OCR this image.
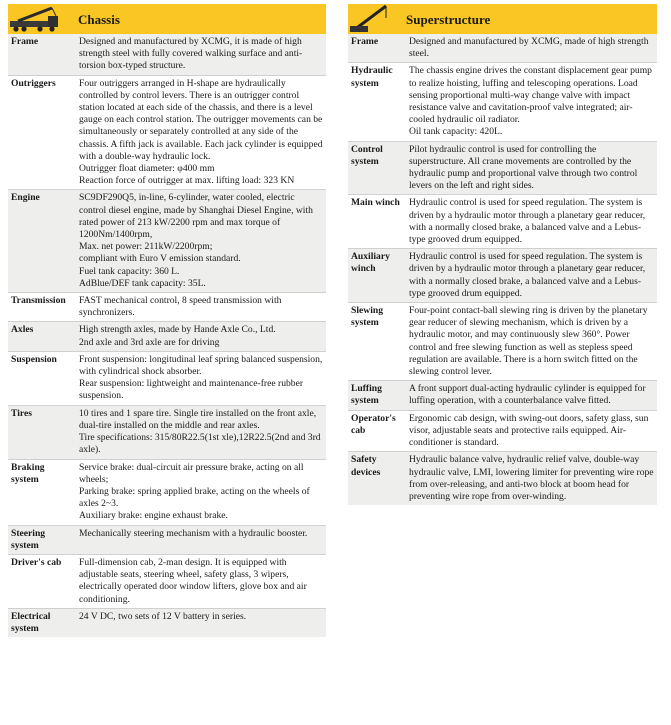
Chassis
Frame	Designed and manufactured by XCMG, it is made of high strength steel with fully covered walking surface and anti-torsion box-typed structure.

Outriggers	Four outriggers arranged in H-shape are hydraulically controlled by control levers. There is an outrigger control station located at each side of the chassis, and there is a level gauge on each control station. The outrigger movements can be simultaneously or separately controlled at any side of the chassis. A fifth jack is available. Each jack cylinder is equipped with a double-way hydraulic lock.
Outrigger float diameter: φ400 mm
Reaction force of outrigger at max. lifting load: 323 KN

Engine	SC9DF290Q5, in-line, 6-cylinder, water cooled, electric control diesel engine, made by Shanghai Diesel Engine, with rated power of 213 kW/2200 rpm and max torque of 1200Nm/1400rpm,
Max. net power: 211kW/2200rpm;
compliant with Euro V emission standard.
Fuel tank capacity: 360 L.
AdBlue/DEF tank capacity: 35L.

Transmission	FAST mechanical control, 8 speed transmission with synchronizers.

Axles	High strength axles, made by Hande Axle Co., Ltd.
2nd axle and 3rd axle are for driving

Suspension	Front suspension: longitudinal leaf spring balanced suspension, with cylindrical shock absorber.
Rear suspension: lightweight and maintenance-free rubber suspension.

Tires	10 tires and 1 spare tire. Single tire installed on the front axle, dual-tire installed on the middle and rear axles.
Tire specifications: 315/80R22.5(1st xle),12R22.5(2nd and 3rd axle).

Braking system	Service brake: dual-circuit air pressure brake, acting on all wheels;
Parking brake: spring applied brake, acting on the wheels of axles 2~3.
Auxiliary brake: engine exhaust brake.

Steering system	Mechanically steering mechanism with a hydraulic booster.

Driver's cab	Full-dimension cab, 2-man design. It is equipped with adjustable seats, steering wheel, safety glass, 3 wipers, electrically operated door window lifters, glove box and air conditioning.

Electrical system	24 V DC, two sets of 12 V battery in series.
Superstructure
Frame	Designed and manufactured by XCMG, made of high strength steel.

Hydraulic system	The chassis engine drives the constant displacement gear pump to realize hoisting, luffing and telescoping operations. Load sensing proportional multi-way change valve with impact resistance valve and cavitation-proof valve integrated; air-cooled hydraulic oil radiator.
Oil tank capacity: 420L.

Control system	Pilot hydraulic control is used for controlling the superstructure. All crane movements are controlled by the hydraulic pump and proportional valve through two control levers on the left and right sides.

Main winch	Hydraulic control is used for speed regulation. The system is driven by a hydraulic motor through a planetary gear reducer, with a normally closed brake, a balanced valve and a Lebus-type grooved drum equipped.

Auxiliary winch	Hydraulic control is used for speed regulation. The system is driven by a hydraulic motor through a planetary gear reducer, with a normally closed brake, a balanced valve and a Lebus-type grooved drum equipped.

Slewing system	Four-point contact-ball slewing ring is driven by the planetary gear reducer of slewing mechanism, which is driven by a hydraulic motor, and may continuously slew 360°. Power control and free slewing function as well as stepless speed regulation are available. There is a horn switch fitted on the slewing control lever.

Luffing system	A front support dual-acting hydraulic cylinder is equipped for luffing operation, with a counterbalance valve fitted.

Operator's cab	Ergonomic cab design, with swing-out doors, safety glass, sun visor, adjustable seats and protective rails equipped. Air-conditioner is standard.

Safety devices	Hydraulic balance valve, hydraulic relief valve, double-way hydraulic valve, LMI, lowering limiter for preventing wire rope from over-releasing, and anti-two block at boom head for preventing wire rope from over-winding.
